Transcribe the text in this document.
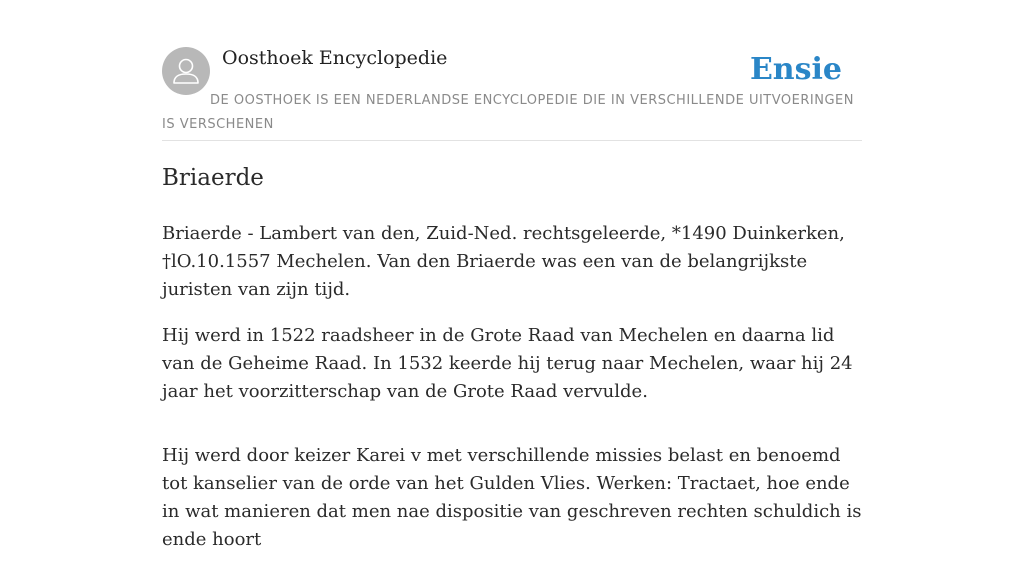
Oosthoek Encyclopedie	Ensie
DE OOSTHOEK IS EEN NEDERLANDSE ENCYCLOPEDIE DIE IN VERSCHILLENDE UITVOERINGEN IS VERSCHENEN
Briaerde

Briaerde - Lambert van den, Zuid-Ned. rechtsgeleerde, *1490 Duinkerken, †lO.10.1557 Mechelen. Van den Briaerde was een van de belangrijkste juristen van zijn tijd.

Hij werd in 1522 raadsheer in de Grote Raad van Mechelen en daarna lid van de Geheime Raad. In 1532 keerde hij terug naar Mechelen, waar hij 24 jaar het voorzitterschap van de Grote Raad vervulde.

Hij werd door keizer Karei v met verschillende missies belast en benoemd tot kanselier van de orde van het Gulden Vlies. Werken: Tractaet, hoe ende in wat manieren dat men nae dispositie van geschreven rechten schuldich is ende hoort
